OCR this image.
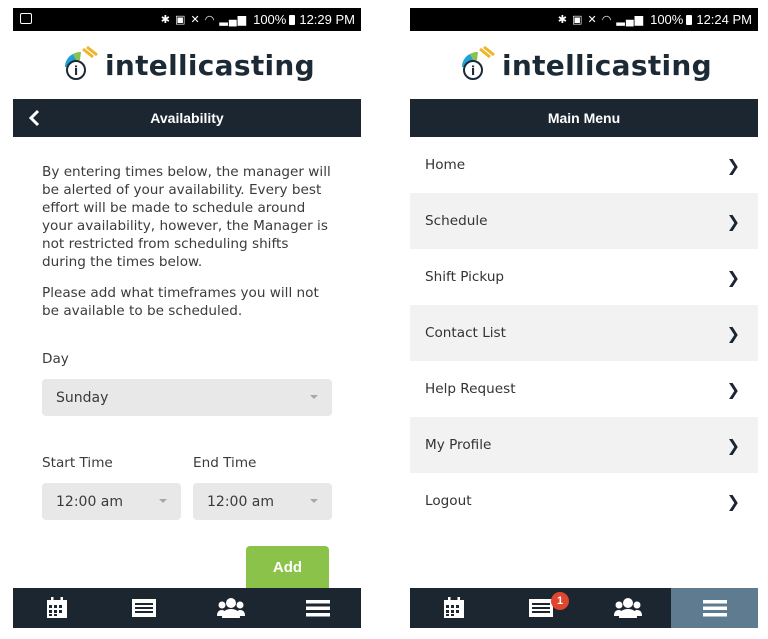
✱ ▣ ✕ ◠ ▂▄▆ 100% 12:29 PM
i intellicasting
Availability

By entering times below, the manager will be alerted of your availability. Every best effort will be made to schedule around your availability, however, the Manager is not restricted from scheduling shifts during the times below.

Please add what timeframes you will not be available to be scheduled.

Day
Sunday
Start Time
12:00 am
End Time
12:00 am
Add
✱ ▣ ✕ ◠ ▂▄▆ 100% 12:24 PM
i intellicasting
Main Menu
Home	❯
Schedule	❯
Shift Pickup	❯
Contact List	❯
Help Request	❯
My Profile	❯
Logout	❯
1
